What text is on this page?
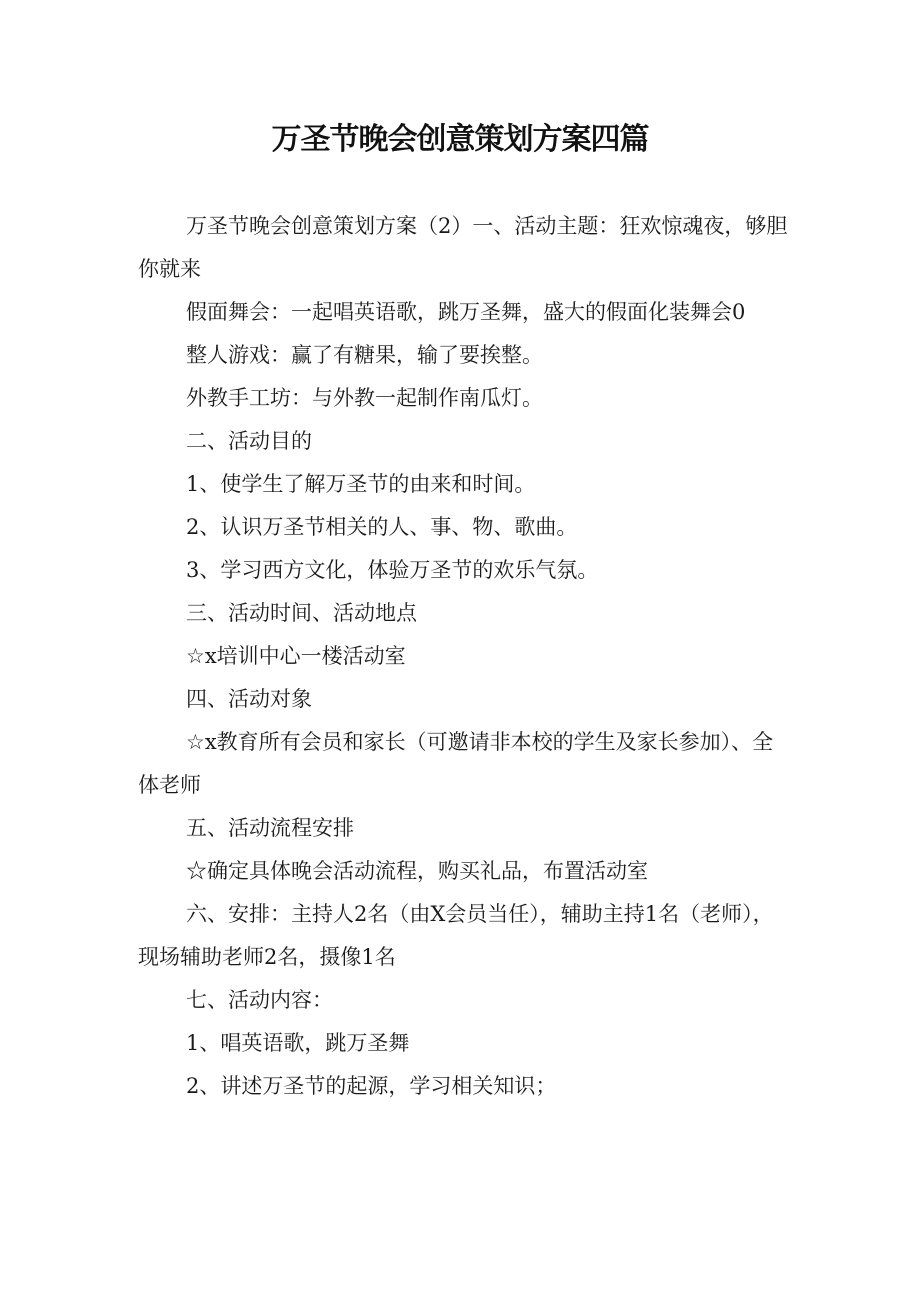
万圣节晚会创意策划方案四篇

万圣节晚会创意策划方案（2）一、活动主题：狂欢惊魂夜，够胆你就来

假面舞会：一起唱英语歌，跳万圣舞，盛大的假面化装舞会0

整人游戏：赢了有糖果，输了要挨整。

外教手工坊：与外教一起制作南瓜灯。

二、活动目的

1、使学生了解万圣节的由来和时间。

2、认识万圣节相关的人、事、物、歌曲。

3、学习西方文化，体验万圣节的欢乐气氛。

三、活动时间、活动地点

☆x培训中心一楼活动室

四、活动对象

☆x教育所有会员和家长（可邀请非本校的学生及家长参加）、全体老师

五、活动流程安排

☆确定具体晚会活动流程，购买礼品，布置活动室

六、安排：主持人2名（由X会员当任），辅助主持1名（老师），现场辅助老师2名，摄像1名

七、活动内容：

1、唱英语歌，跳万圣舞

2、讲述万圣节的起源，学习相关知识；
